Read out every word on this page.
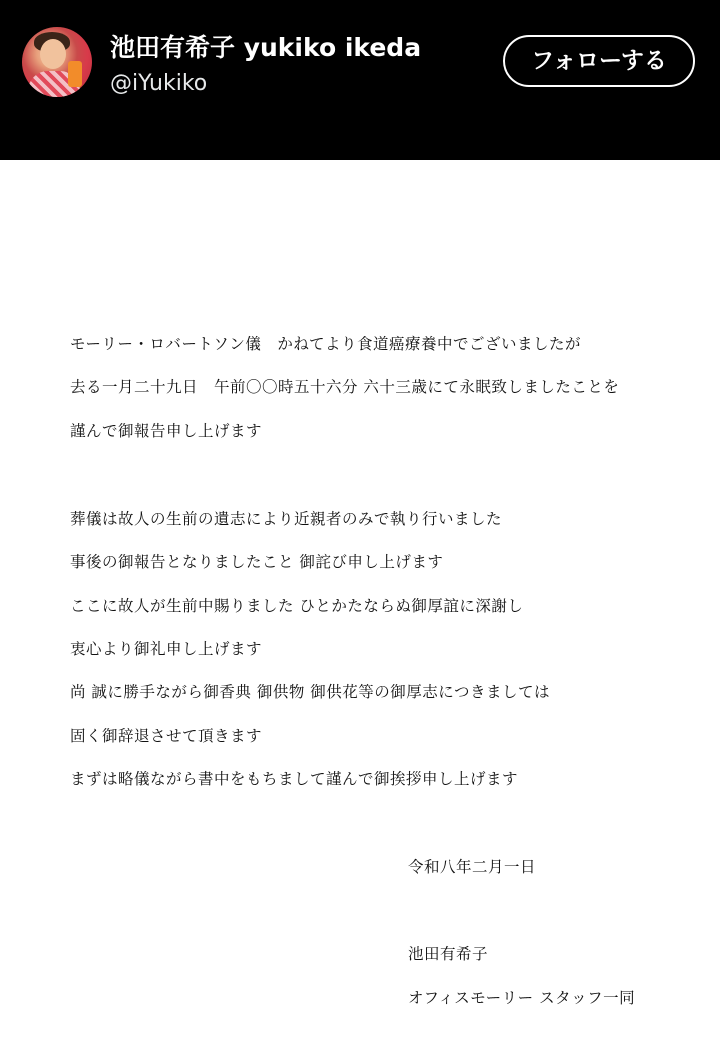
池田有希子 yukiko ikeda
@iYukiko
フォローする
モーリー・ロバートソン儀　かねてより食道癌療養中でございましたが
去る一月二十九日　午前〇〇時五十六分 六十三歳にて永眠致しましたことを
謹んで御報告申し上げます
葬儀は故人の生前の遺志により近親者のみで執り行いました
事後の御報告となりましたこと 御詫び申し上げます
ここに故人が生前中賜りました ひとかたならぬ御厚誼に深謝し
衷心より御礼申し上げます
尚 誠に勝手ながら御香典 御供物 御供花等の御厚志につきましては
固く御辞退させて頂きます
まずは略儀ながら書中をもちまして謹んで御挨拶申し上げます
令和八年二月一日
池田有希子
オフィスモーリー スタッフ一同
